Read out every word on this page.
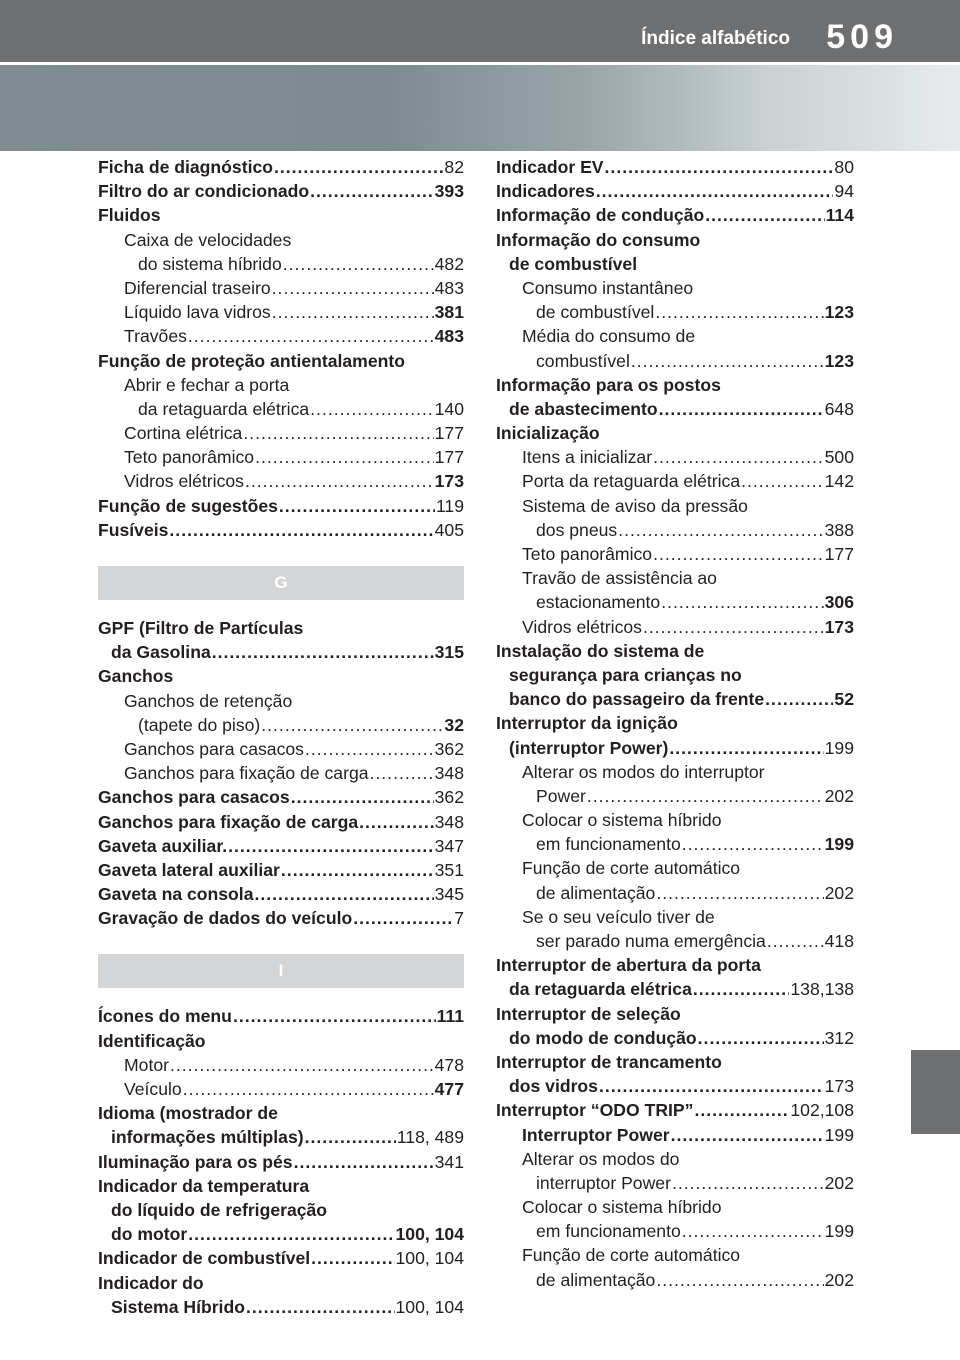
Índice alfabético 509
Ficha de diagnóstico .....	82
Filtro do ar condicionado .....	393
Fluidos
Caixa de velocidades
do sistema híbrido .....	482
Diferencial traseiro .....	483
Líquido lava vidros .....	381
Travões .....	483
Função de proteção antientalamento
Abrir e fechar a porta
da retaguarda elétrica .....	140
Cortina elétrica .....	177
Teto panorâmico .....	177
Vidros elétricos .....	173
Função de sugestões .....	119
Fusíveis .....	405
G
GPF (Filtro de Partículas
da Gasolina .....	315
Ganchos
Ganchos de retenção
(tapete do piso) .....	32
Ganchos para casacos .....	362
Ganchos para fixação de carga .....	348
Ganchos para casacos .....	362
Ganchos para fixação de carga .....	348
Gaveta auxiliar. .....	347
Gaveta lateral auxiliar .....	351
Gaveta na consola .....	345
Gravação de dados do veículo .....	7
I
Ícones do menu .....	111
Identificação
Motor .....	478
Veículo .....	477
Idioma (mostrador de
informações múltiplas) .....	118, 489
Iluminação para os pés .....	341
Indicador da temperatura
do líquido de refrigeração
do motor .....	100, 104
Indicador de combustível .....	100, 104
Indicador do
Sistema Híbrido .....	100, 104
Indicador EV .....	80
Indicadores .....	94
Informação de condução .....	114
Informação do consumo
de combustível
Consumo instantâneo
de combustível .....	123
Média do consumo de
combustível .....	123
Informação para os postos
de abastecimento .....	648
Inicialização
Itens a inicializar .....	500
Porta da retaguarda elétrica .....	142
Sistema de aviso da pressão
dos pneus .....	388
Teto panorâmico .....	177
Travão de assistência ao
estacionamento .....	306
Vidros elétricos .....	173
Instalação do sistema de
segurança para crianças no
banco do passageiro da frente .....	52
Interruptor da ignição
(interruptor Power) .....	199
Alterar os modos do interruptor
Power .....	202
Colocar o sistema híbrido
em funcionamento .....	199
Função de corte automático
de alimentação .....	202
Se o seu veículo tiver de
ser parado numa emergência .....	418
Interruptor de abertura da porta
da retaguarda elétrica .....	138,138
Interruptor de seleção
do modo de condução .....	312
Interruptor de trancamento
dos vidros .....	173
Interruptor “ODO TRIP” .....	102,108
Interruptor Power .....	199
Alterar os modos do
interruptor Power .....	202
Colocar o sistema híbrido
em funcionamento .....	199
Função de corte automático
de alimentação .....	202
